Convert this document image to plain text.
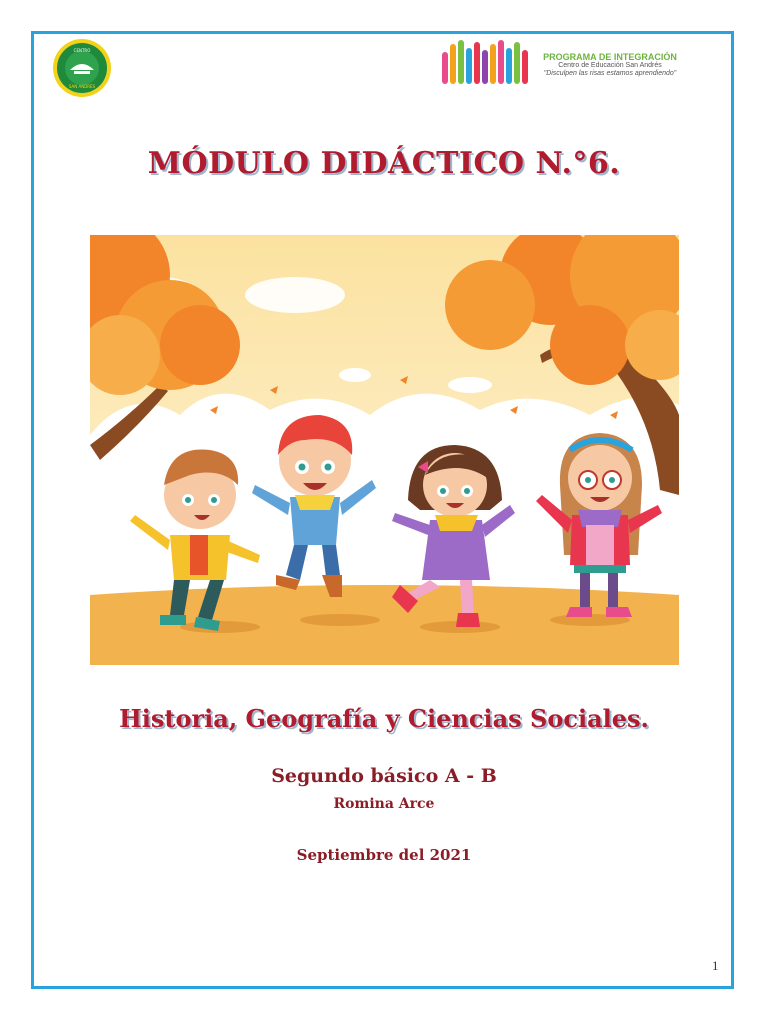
CENTRO
SAN ANDRÉS
PROGRAMA DE INTEGRACIÓN
Centro de Educación San Andrés
"Disculpen las risas estamos aprendiendo"
MÓDULO DIDÁCTICO N.°6.
Historia, Geografía y Ciencias Sociales.
Segundo básico A - B
Romina Arce
Septiembre del 2021
1
